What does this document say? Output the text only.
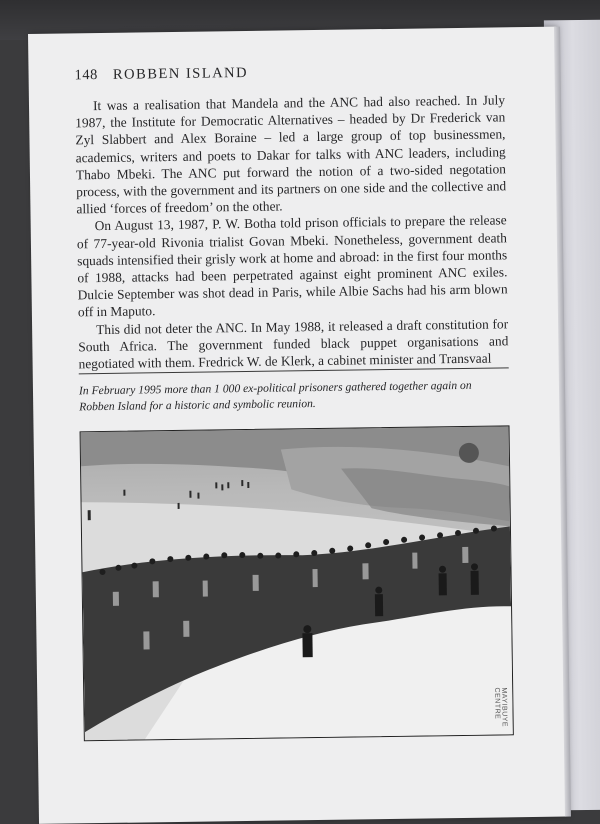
148 ROBBEN ISLAND

It was a realisation that Mandela and the ANC had also reached. In July 1987, the Institute for Democratic Alternatives – headed by Dr Frederick van Zyl Slabbert and Alex Boraine – led a large group of top businessmen, academics, writers and poets to Dakar for talks with ANC leaders, including Thabo Mbeki. The ANC put forward the notion of a two-sided negotation process, with the government and its partners on one side and the collective and allied ‘forces of freedom’ on the other.

On August 13, 1987, P. W. Botha told prison officials to prepare the release of 77-year-old Rivonia trialist Govan Mbeki. Nonetheless, government death squads intensified their grisly work at home and abroad: in the first four months of 1988, attacks had been perpetrated against eight prominent ANC exiles. Dulcie September was shot dead in Paris, while Albie Sachs had his arm blown off in Maputo.

This did not deter the ANC. In May 1988, it released a draft constitution for South Africa. The government funded black puppet organisations and negotiated with them. Fredrick W. de Klerk, a cabinet minister and Transvaal

In February 1995 more than 1 000 ex-political prisoners gathered together again on Robben Island for a historic and symbolic reunion.
MAYIBUYE CENTRE
